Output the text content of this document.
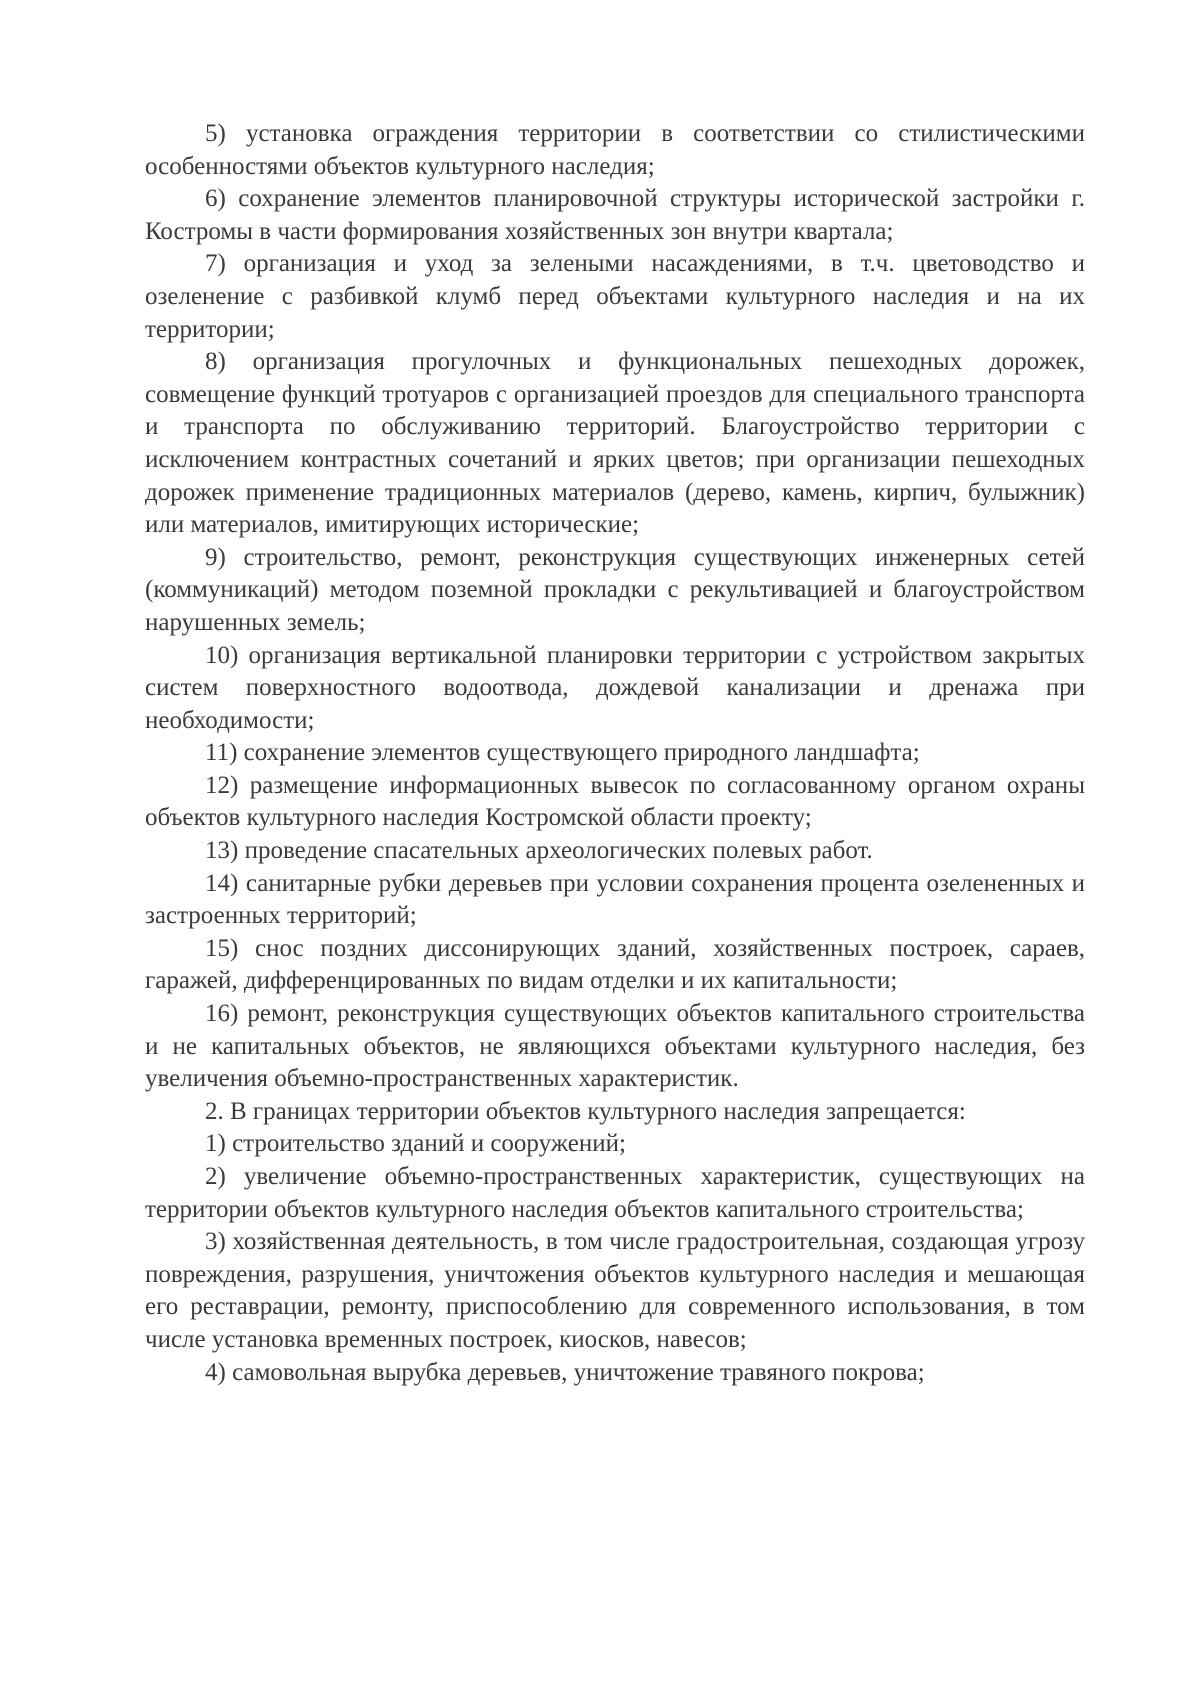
5) установка ограждения территории в соответствии со стилистическими особенностями объектов культурного наследия;

6) сохранение элементов планировочной структуры исторической застройки г. Костромы в части формирования хозяйственных зон внутри квартала;

7) организация и уход за зелеными насаждениями, в т.ч. цветоводство и озеленение с разбивкой клумб перед объектами культурного наследия и на их территории;

8) организация прогулочных и функциональных пешеходных дорожек, совмещение функций тротуаров с организацией проездов для специального транспорта и транспорта по обслуживанию территорий. Благоустройство территории с исключением контрастных сочетаний и ярких цветов; при организации пешеходных дорожек применение традиционных материалов (дерево, камень, кирпич, булыжник) или материалов, имитирующих исторические;

9) строительство, ремонт, реконструкция существующих инженерных сетей (коммуникаций) методом поземной прокладки с рекультивацией и благоустройством нарушенных земель;

10) организация вертикальной планировки территории с устройством закрытых систем поверхностного водоотвода, дождевой канализации и дренажа при необходимости;

11) сохранение элементов существующего природного ландшафта;

12) размещение информационных вывесок по согласованному органом охраны объектов культурного наследия Костромской области проекту;

13) проведение спасательных археологических полевых работ.

14) санитарные рубки деревьев при условии сохранения процента озелененных и застроенных территорий;

15) снос поздних диссонирующих зданий, хозяйственных построек, сараев, гаражей, дифференцированных по видам отделки и их капитальности;

16) ремонт, реконструкция существующих объектов капитального строительства и не капитальных объектов, не являющихся объектами культурного наследия, без увеличения объемно-пространственных характеристик.

2. В границах территории объектов культурного наследия запрещается:

1) строительство зданий и сооружений;

2) увеличение объемно-пространственных характеристик, существующих на территории объектов культурного наследия объектов капитального строительства;

3) хозяйственная деятельность, в том числе градостроительная, создающая угрозу повреждения, разрушения, уничтожения объектов культурного наследия и мешающая его реставрации, ремонту, приспособлению для современного использования, в том числе установка временных построек, киосков, навесов;

4) самовольная вырубка деревьев, уничтожение травяного покрова;
